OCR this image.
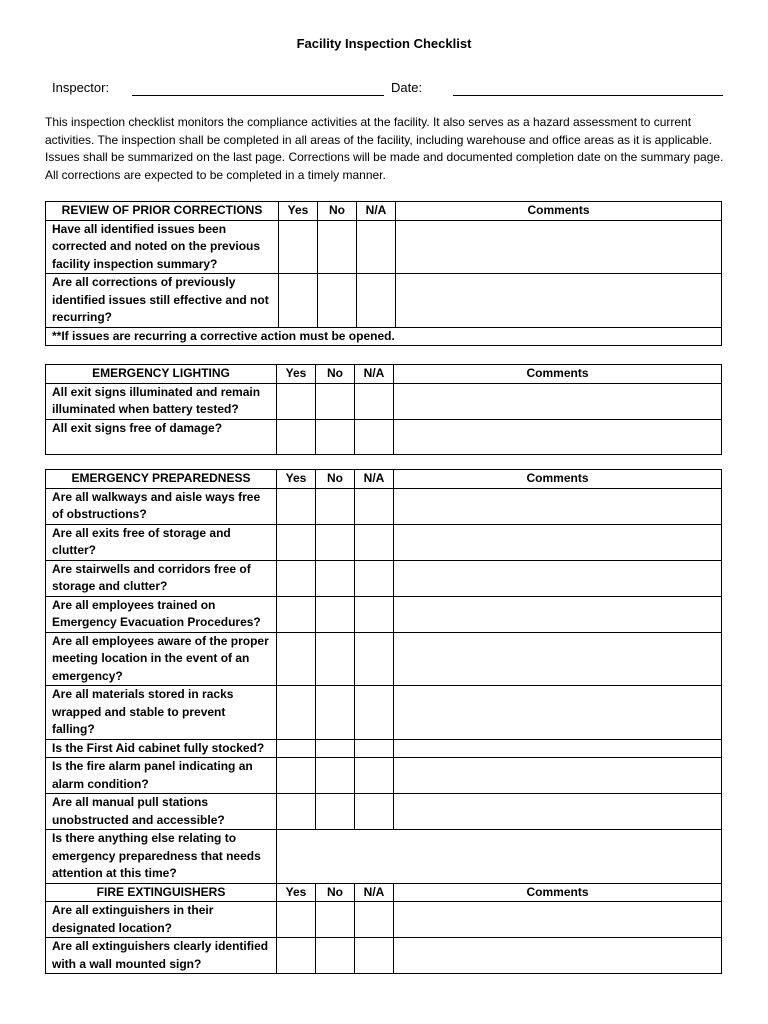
Facility Inspection Checklist
Inspector:	Date:
This inspection checklist monitors the compliance activities at the facility. It also serves as a hazard assessment to current activities. The inspection shall be completed in all areas of the facility, including warehouse and office areas as it is applicable. Issues shall be summarized on the last page. Corrections will be made and documented completion date on the summary page. All corrections are expected to be completed in a timely manner.
REVIEW OF PRIOR CORRECTIONS	Yes	No	N/A	Comments
Have all identified issues been corrected and noted on the previous facility inspection summary?				
Are all corrections of previously identified issues still effective and not recurring?				
**If issues are recurring a corrective action must be opened.				
EMERGENCY LIGHTING	Yes	No	N/A	Comments
All exit signs illuminated and remain illuminated when battery tested?				
All exit signs free of damage?				
EMERGENCY PREPAREDNESS	Yes	No	N/A	Comments
Are all walkways and aisle ways free of obstructions?				
Are all exits free of storage and clutter?				
Are stairwells and corridors free of storage and clutter?				
Are all employees trained on Emergency Evacuation Procedures?				
Are all employees aware of the proper meeting location in the event of an emergency?				
Are all materials stored in racks wrapped and stable to prevent falling?				
Is the First Aid cabinet fully stocked?				
Is the fire alarm panel indicating an alarm condition?				
Are all manual pull stations unobstructed and accessible?				
Is there anything else relating to emergency preparedness that needs attention at this time?				
FIRE EXTINGUISHERS	Yes	No	N/A	Comments
Are all extinguishers in their designated location?				
Are all extinguishers clearly identified with a wall mounted sign?				
